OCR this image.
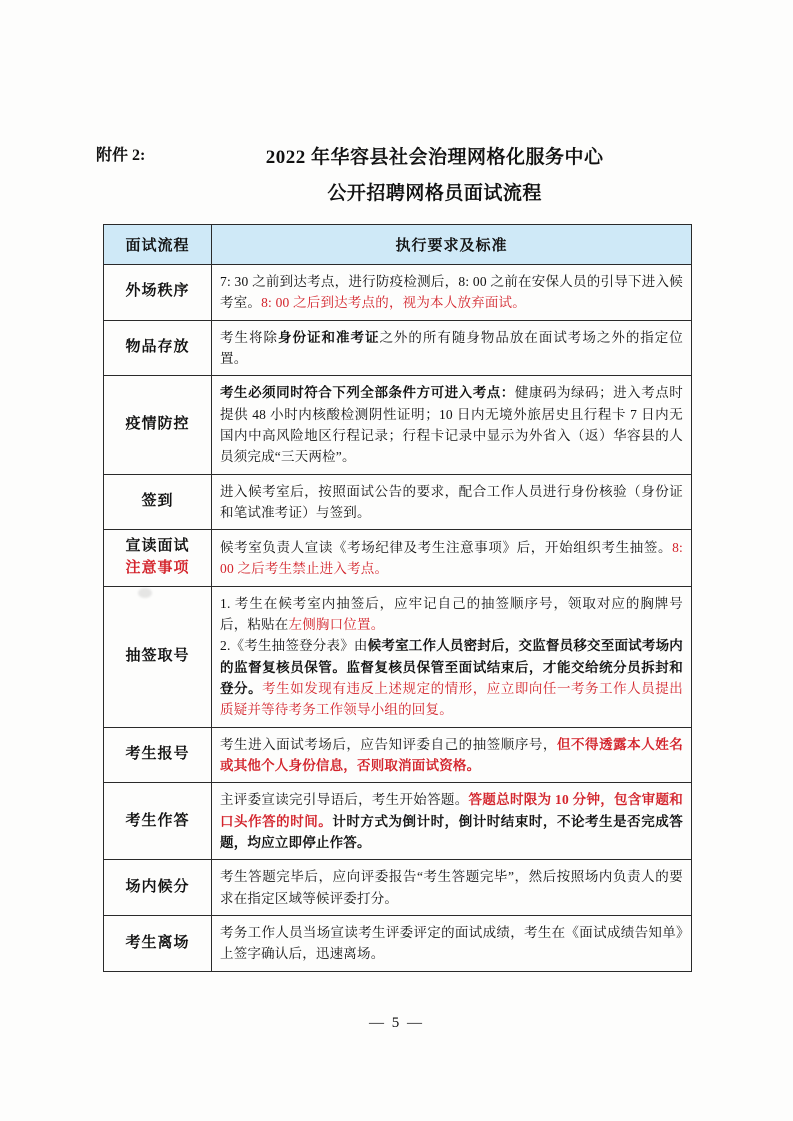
附件 2:	2022 年华容县社会治理网格化服务中心
公开招聘网格员面试流程
面试流程	执行要求及标准
外场秩序	7: 30 之前到达考点，进行防疫检测后，8: 00 之前在安保人员的引导下进入候考室。8: 00 之后到达考点的，视为本人放弃面试。
物品存放	考生将除身份证和准考证之外的所有随身物品放在面试考场之外的指定位置。
疫情防控	考生必须同时符合下列全部条件方可进入考点：健康码为绿码；进入考点时提供 48 小时内核酸检测阴性证明；10 日内无境外旅居史且行程卡 7 日内无国内中高风险地区行程记录；行程卡记录中显示为外省入（返）华容县的人员须完成“三天两检”。
签到	进入候考室后，按照面试公告的要求，配合工作人员进行身份核验（身份证和笔试准考证）与签到。
宣读面试
注意事项	候考室负责人宣读《考场纪律及考生注意事项》后，开始组织考生抽签。8: 00 之后考生禁止进入考点。
抽签取号	1. 考生在候考室内抽签后，应牢记自己的抽签顺序号，领取对应的胸牌号后，粘贴在左侧胸口位置。
2.《考生抽签登分表》由候考室工作人员密封后，交监督员移交至面试考场内的监督复核员保管。监督复核员保管至面试结束后，才能交给统分员拆封和登分。考生如发现有违反上述规定的情形，应立即向任一考务工作人员提出质疑并等待考务工作领导小组的回复。
考生报号	考生进入面试考场后，应告知评委自己的抽签顺序号，但不得透露本人姓名或其他个人身份信息，否则取消面试资格。
考生作答	主评委宣读完引导语后，考生开始答题。答题总时限为 10 分钟，包含审题和口头作答的时间。计时方式为倒计时，倒计时结束时，不论考生是否完成答题，均应立即停止作答。
场内候分	考生答题完毕后，应向评委报告“考生答题完毕”，然后按照场内负责人的要求在指定区域等候评委打分。
考生离场	考务工作人员当场宣读考生评委评定的面试成绩，考生在《面试成绩告知单》上签字确认后，迅速离场。
— 5 —
